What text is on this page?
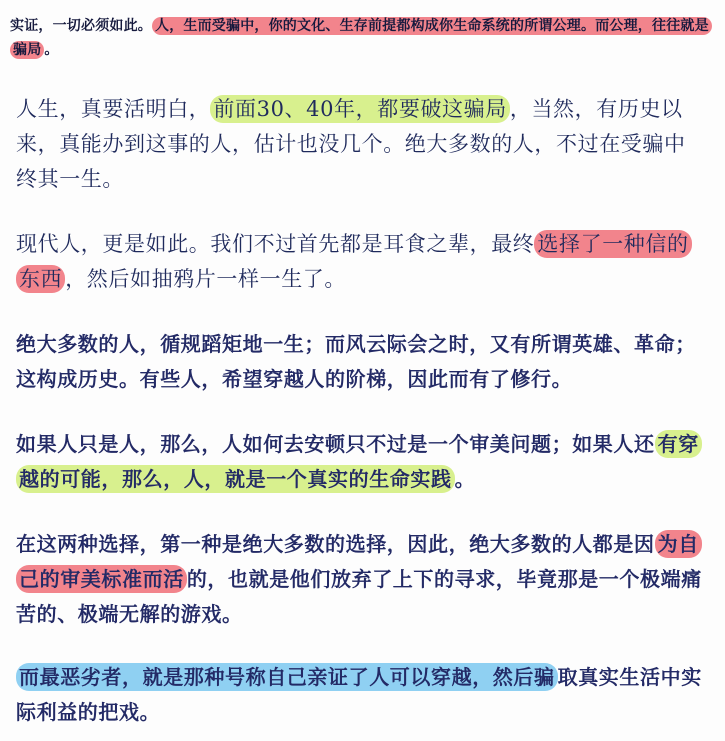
实证，一切必须如此。 人，生而受骗中，你的文化、生存前提都构成你生命系统的所谓公理。而公理，往往就是骗局 。
人生，真要活明白， 前面30、40年，都要破这骗局 ，当然，有历史以来，真能办到这事的人，估计也没几个。绝大多数的人，不过在受骗中终其一生。
现代人，更是如此。我们不过首先都是耳食之辈，最终 选择了一种信的东西 ，然后如抽鸦片一样一生了。
绝大多数的人，循规蹈矩地一生；而风云际会之时，又有所谓英雄、革命；这构成历史。有些人，希望穿越人的阶梯，因此而有了修行。
如果人只是人，那么，人如何去安顿只不过是一个审美问题；如果人还 有穿越的可能，那么，人，就是一个真实的生命实践 。
在这两种选择，第一种是绝大多数的选择，因此，绝大多数的人都是因 为自己的审美标准而活 的，也就是他们放弃了上下的寻求，毕竟那是一个极端痛苦的、极端无解的游戏。
而最恶劣者，就是那种号称自己亲证了人可以穿越，然后骗 取真实生活中实际利益的把戏。
